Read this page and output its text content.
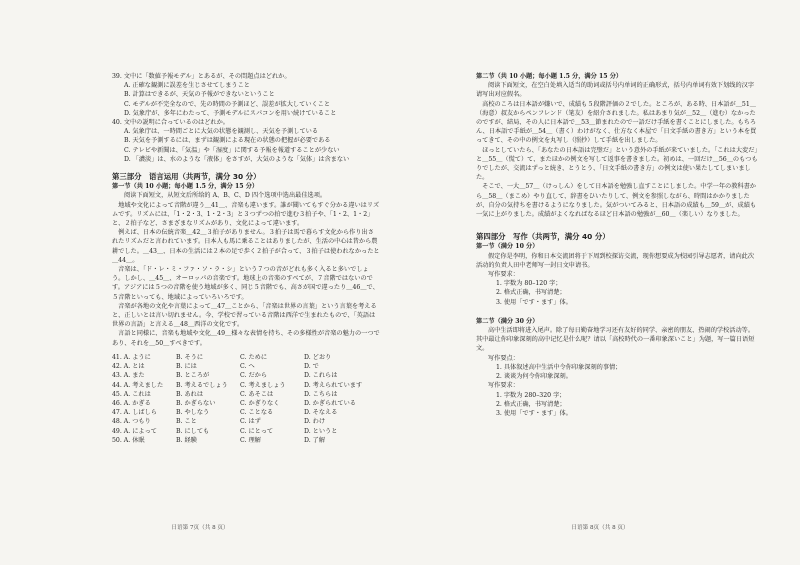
39. 文中に「数値予報モデル」とあるが、その問題点はどれか。

A. 正確な観測に誤差を生じさせてしまうこと

B. 計算はできるが、天気の予報ができないということ

C. モデルが不完全なので、先の時間の予測ほど、誤差が拡大していくこと

D. 気象庁が、多年にわたって、予測モデルにスパコンを用い続けていること

40. 文中の説明に合っているのはどれか。

A. 気象庁は、一時間ごとに大気の状態を観測し、天気を予測している

B. 天気を予測するには、まずは観測による現在の状態の把握が必要である

C. テレビや新聞は、「気温」や「湿度」に関する予報を報道することが少ない

D. 「濃淡」は、水のような「液体」をさすが、大気のような「気体」は含まない

第三部分　语言运用（共两节，满分 30 分）

第一节（共 10 小题；每小题 1.5 分，满分 15 分）

阅读下面短文，从短文后所给的 A、B、C、D 四个选项中选出最佳选项。

　地域や文化によって音階が違う＿41＿、音楽も違います。誰が聞いてもすぐ分かる違いはリズムです。リズムには、「1・2・3、1・2・3」と３つずつの拍で進む３拍子や、「1・2、1・2」と、２拍子など、さまざまなリズムがあり、文化によって違います。

　例えば、日本の伝統音楽＿42＿３拍子がありません。３拍子は馬で暮らす文化から作り出されたリズムだと言われています。日本人も馬に乗ることはありましたが、生活の中心は昔から農耕でした。＿43＿、日本の生活には２本の足で歩く２拍子が合って、３拍子は使われなかったと＿44＿。

　音楽は、「ド・レ・ミ・ファ・ソ・ラ・シ」という７つの音がどれも多く入ると多いでしょう。しかし、＿45＿、オーロッパの音楽です。地球上の音楽のすべてが、７音階ではないのです。アジアには５つの音階を使う地域が多く、同じ５音階でも、高さが国で違ったり＿46＿で、５音階といっても、地域によっていろいろです。

　音楽が各地の文化や言葉によって＿47＿ことから、「音楽は世界の言葉」という言葉を考えると、正しいとは言い切れません。今、学校で習っている音階は西洋で生まれたもので、「英語は世界の言語」と言える＿48＿西洋の文化です。

　言語と同様に、音楽も地域や文化＿49＿様々な表情を持ち、その多様性が音楽の魅力の一つであり、それを＿50＿すべきです。

41. A. ように	B. そうに	C. ために	D. どおり
42. A. とは	B. には	C. へ	D. で
43. A. また	B. ところが	C. だから	D. これらは
44. A. 考えました	B. 考えるでしょう	C. 考えましょう	D. 考えられています
45. A. これは	B. あれは	C. あそこは	D. こちらは
46. A. かぎる	B. かぎらない	C. かぎりなく	D. かぎられている
47. A. しばしら	B. やしなう	C. ことなる	D. そなえる
48. A. つもり	B. こと	C. はず	D. わけ
49. A. によって	B. にしても	C. にとって	D. というと
50. A. 休眠	B. 経験	C. 理解	D. 了解
日语第 7页（共 8 页）

第二节（共 10 小题；每小题 1.5 分，满分 15 分）

阅读下面短文，在空白处填入适当的助词或括号内单词的正确形式，括号内单词有效下划线的汉字请写出对应假名。

　高校のころは日本語が嫌いで、成績も５段階評価の２でした。ところが、ある時、日本語が＿51＿（海意）叔友からペンフレンド（笔友）を紹介されました。私はあまり気が＿52＿（進む）なかったのですが、結局、その人に日本語で＿53＿節まれたので一語だけ手紙を書くことにしました。もちろん、日本語で手紙が＿54＿（書く）わけがなく、仕方なく本屋で「日文手紙の書き方」という本を買ってきて、その中の例文を丸写し（照抄）して手紙を出しました。

　ほっとしていたら、「あなたの日本語は完璧だ」という意外の手紙が来ていました。「これは大変だ」と＿55＿（慌て）て、またほかの例文を写して返事を書きました。初めは、一回だけ＿56＿のもつもりでしたが、交流はずっと続き、とうとう、「日文手紙の書き方」の例文は使い果たしてしまいました。

　そこで、一大＿57＿（けっしん）をして日本語を勉強し直すことにしました。中学一年の教科書から＿58＿（まこめ）やり直して、辞書をひいたりして、例文を参照しながら、時間はかかりましたが、自分の気持ちを書けるようになりました。気がついてみると、日本語の成績も＿59＿が、成績も一気に上がりました。成績がよくなればなるほど日本語の勉強が＿60＿（楽しい）なりました。

第四部分　写作（共两节，满分 40 分）

第一节（满分 10 分）

假定你是李明，你和日本交流团将于下周到校探访交流，现你想要成为校园引导志愿者，请向此次活动的负责人田中老师写一封日文申请书。

写作要求：

1. 字数为 80–120 字；

2. 格式正确，书写清楚；

3. 使用「です・ます」体。

第二节（满分 30 分）

高中生活即将进入尾声。除了每日勤奋地学习还有友好的同学、亲密的朋友、热闹的学校活动等。其中最让你印象深刻的高中记忆是什么呢？请以「高校時代の一番印象深いこと」为题，写一篇日语短文。

写作要点：

1. 具体叙述高中生活中令你印象深刻的事情；

2. 谈谈为何令你印象深刻。

写作要求：

1. 字数为 280–320 字；

2. 格式正确，书写清楚；

3. 使用「です・ます」体。

日语第 8页（共 8 页）
